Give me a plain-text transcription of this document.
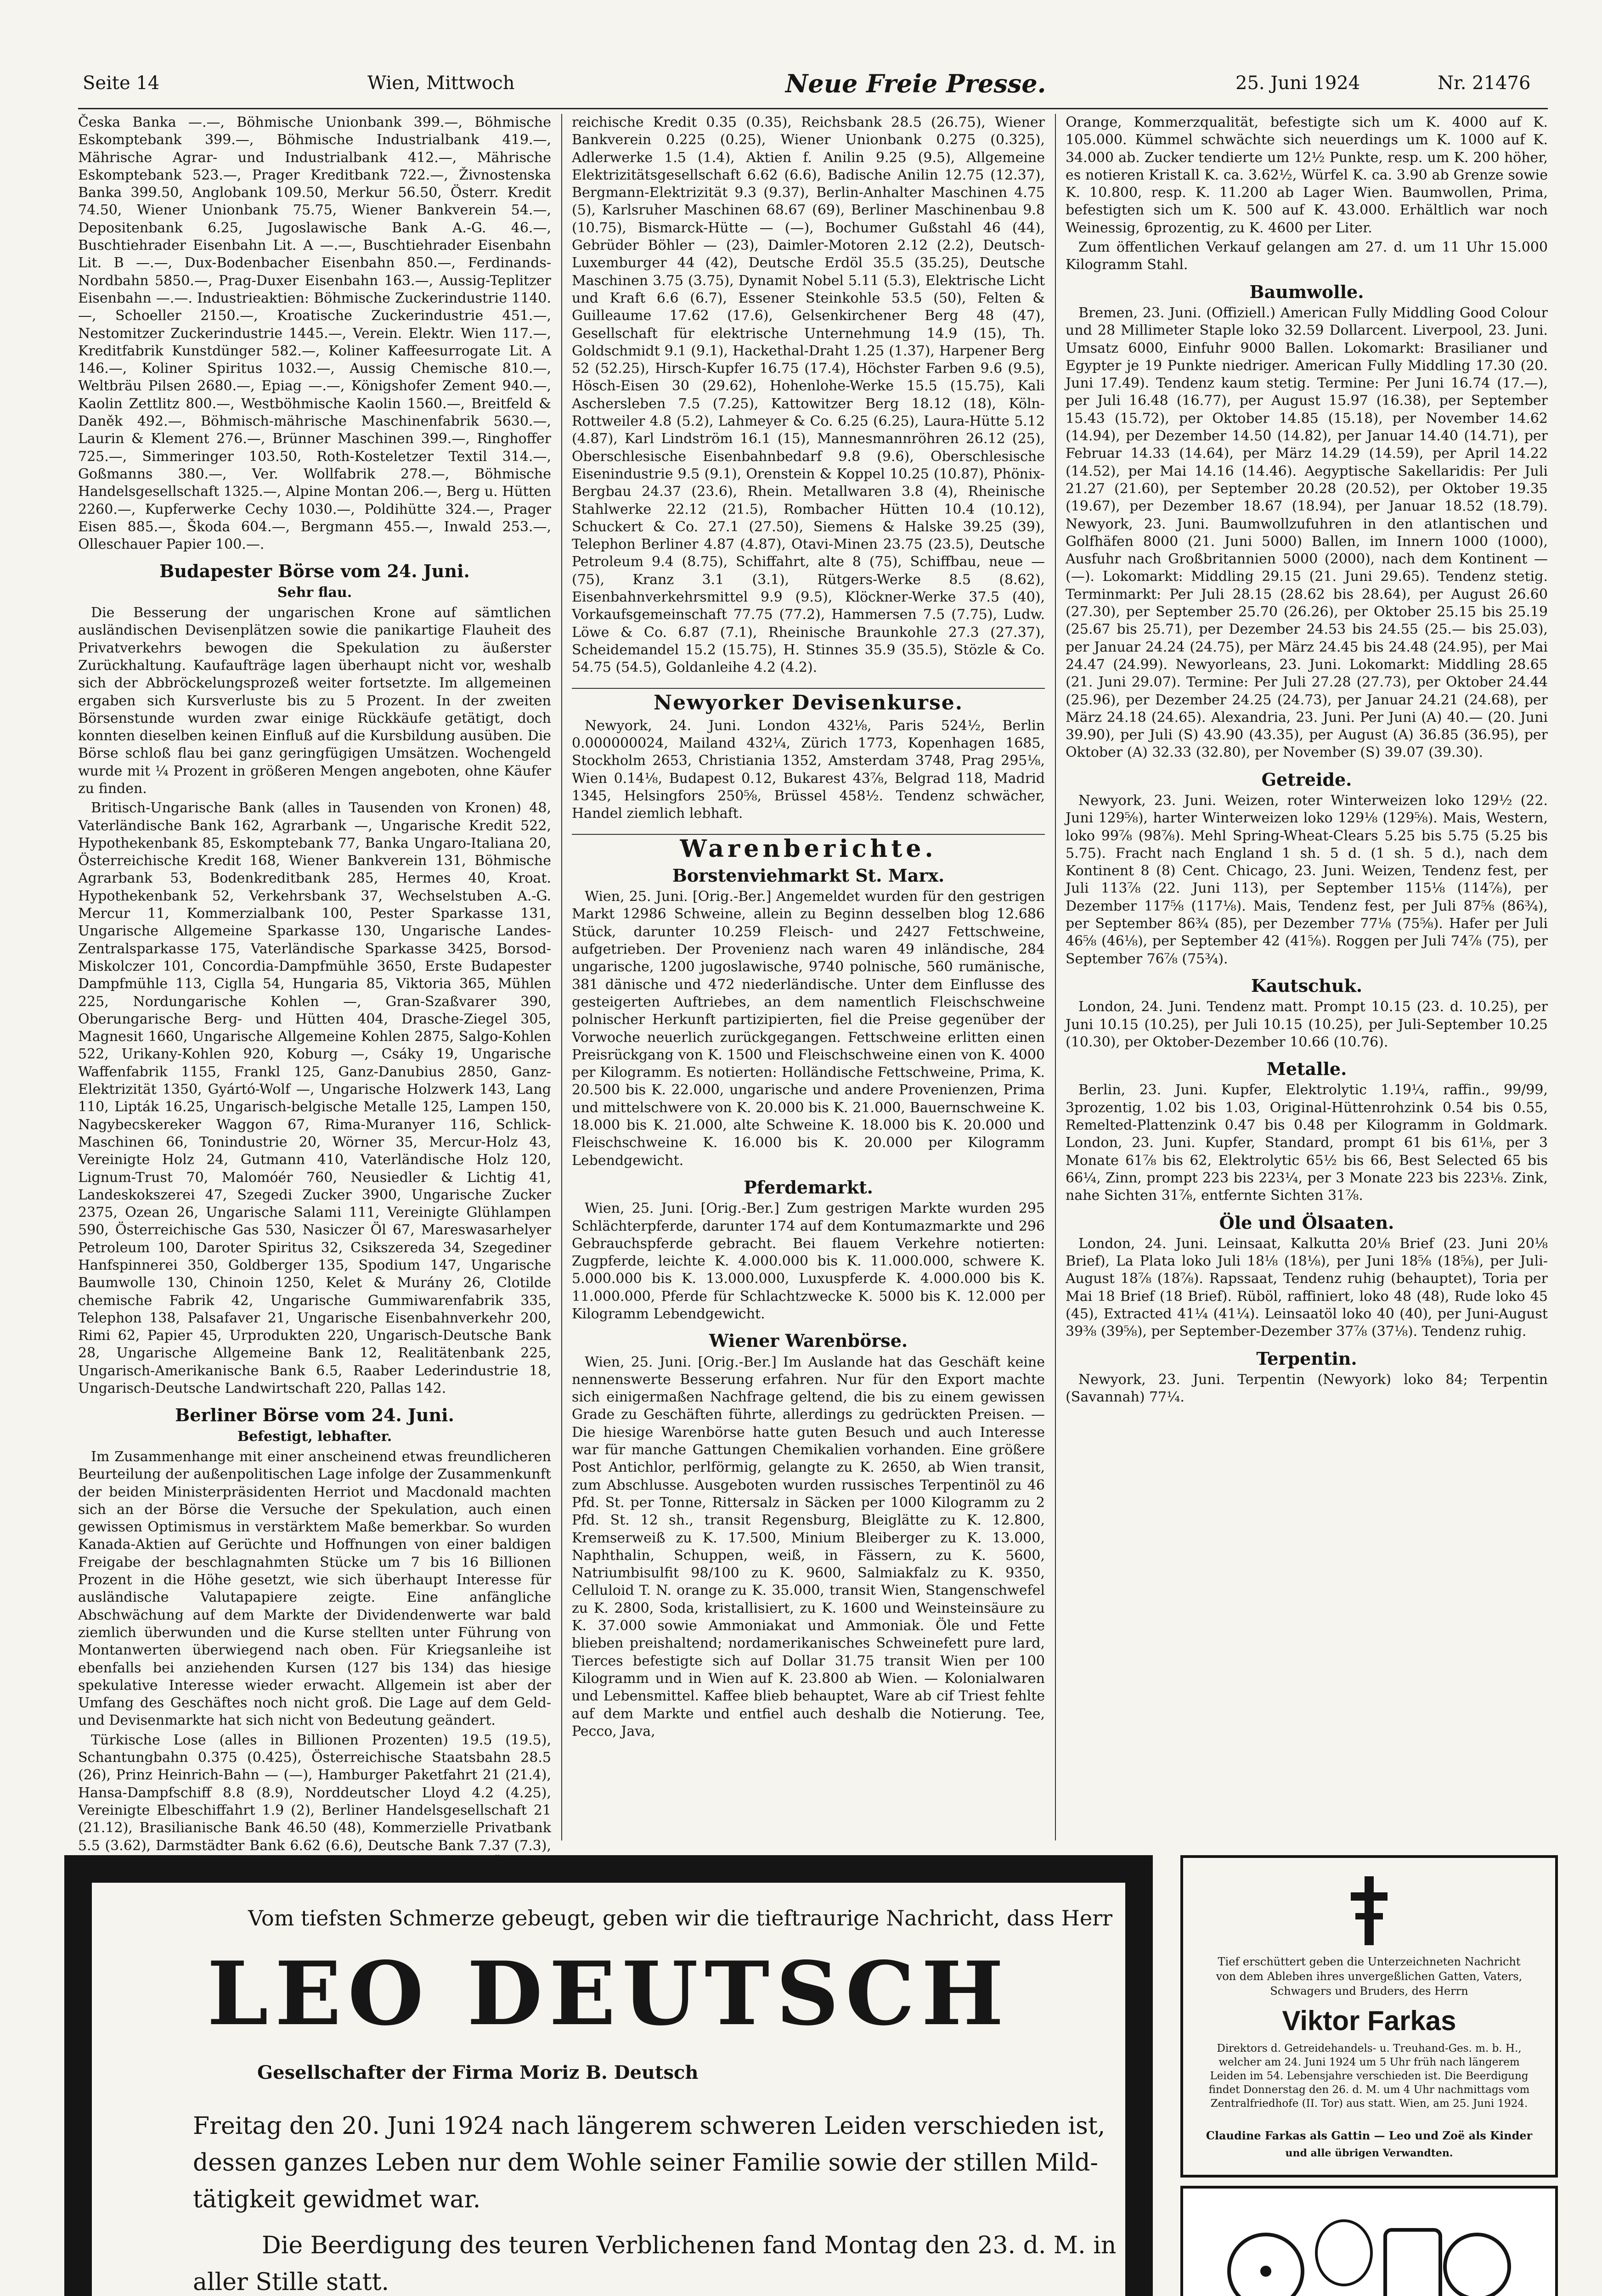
Seite 14	Wien, Mittwoch	Neue Freie Presse.	25. Juni 1924	Nr. 21476

Česka Banka —.—, Böhmische Unionbank 399.—, Böhmische Eskomptebank 399.—, Böhmische Industrialbank 419.—, Mährische Agrar- und Industrialbank 412.—, Mährische Eskomptebank 523.—, Prager Kreditbank 722.—, Živnostenska Banka 399.50, Anglobank 109.50, Merkur 56.50, Österr. Kredit 74.50, Wiener Unionbank 75.75, Wiener Bankverein 54.—, Depositenbank 6.25, Jugoslawische Bank A.-G. 46.—, Buschtiehrader Eisenbahn Lit. A —.—, Buschtiehrader Eisenbahn Lit. B —.—, Dux-Bodenbacher Eisenbahn 850.—, Ferdinands-Nordbahn 5850.—, Prag-Duxer Eisenbahn 163.—, Aussig-Teplitzer Eisenbahn —.—. Industrieaktien: Böhmische Zuckerindustrie 1140.—, Schoeller 2150.—, Kroatische Zuckerindustrie 451.—, Nestomitzer Zuckerindustrie 1445.—, Verein. Elektr. Wien 117.—, Kreditfabrik Kunstdünger 582.—, Koliner Kaffeesurrogate Lit. A 146.—, Koliner Spiritus 1032.—, Aussig Chemische 810.—, Weltbräu Pilsen 2680.—, Epiag —.—, Königshofer Zement 940.—, Kaolin Zettlitz 800.—, Westböhmische Kaolin 1560.—, Breitfeld & Daněk 492.—, Böhmisch-mährische Maschinenfabrik 5630.—, Laurin & Klement 276.—, Brünner Maschinen 399.—, Ringhoffer 725.—, Simmeringer 103.50, Roth-Kosteletzer Textil 314.—, Goßmanns 380.—, Ver. Wollfabrik 278.—, Böhmische Handelsgesellschaft 1325.—, Alpine Montan 206.—, Berg u. Hütten 2260.—, Kupferwerke Cechy 1030.—, Poldihütte 324.—, Prager Eisen 885.—, Škoda 604.—, Bergmann 455.—, Inwald 253.—, Olleschauer Papier 100.—.

Budapester Börse vom 24. Juni.
Sehr flau.

Die Besserung der ungarischen Krone auf sämtlichen ausländischen Devisenplätzen sowie die panikartige Flauheit des Privatverkehrs bewogen die Spekulation zu äußerster Zurückhaltung. Kaufaufträge lagen überhaupt nicht vor, weshalb sich der Abbröckelungsprozeß weiter fortsetzte. Im allgemeinen ergaben sich Kursverluste bis zu 5 Prozent. In der zweiten Börsenstunde wurden zwar einige Rückkäufe getätigt, doch konnten dieselben keinen Einfluß auf die Kursbildung ausüben. Die Börse schloß flau bei ganz geringfügigen Umsätzen. Wochengeld wurde mit ¼ Prozent in größeren Mengen angeboten, ohne Käufer zu finden.

Britisch-Ungarische Bank (alles in Tausenden von Kronen) 48, Vaterländische Bank 162, Agrarbank —, Ungarische Kredit 522, Hypothekenbank 85, Eskomptebank 77, Banka Ungaro-Italiana 20, Österreichische Kredit 168, Wiener Bankverein 131, Böhmische Agrarbank 53, Bodenkreditbank 285, Hermes 40, Kroat. Hypothekenbank 52, Verkehrsbank 37, Wechselstuben A.-G. Mercur 11, Kommerzialbank 100, Pester Sparkasse 131, Ungarische Allgemeine Sparkasse 130, Ungarische Landes-Zentralsparkasse 175, Vaterländische Sparkasse 3425, Borsod-Miskolczer 101, Concordia-Dampfmühle 3650, Erste Budapester Dampfmühle 113, Ciglla 54, Hungaria 85, Viktoria 365, Mühlen 225, Nordungarische Kohlen —, Gran-Szaßvarer 390, Oberungarische Berg- und Hütten 404, Drasche-Ziegel 305, Magnesit 1660, Ungarische Allgemeine Kohlen 2875, Salgo-Kohlen 522, Urikany-Kohlen 920, Koburg —, Csáky 19, Ungarische Waffenfabrik 1155, Frankl 125, Ganz-Danubius 2850, Ganz-Elektrizität 1350, Gyártó-Wolf —, Ungarische Holzwerk 143, Lang 110, Lipták 16.25, Ungarisch-belgische Metalle 125, Lampen 150, Nagybecskereker Waggon 67, Rima-Muranyer 116, Schlick-Maschinen 66, Tonindustrie 20, Wörner 35, Mercur-Holz 43, Vereinigte Holz 24, Gutmann 410, Vaterländische Holz 120, Lignum-Trust 70, Malomóér 760, Neusiedler & Lichtig 41, Landeskokszerei 47, Szegedi Zucker 3900, Ungarische Zucker 2375, Ozean 26, Ungarische Salami 111, Vereinigte Glühlampen 590, Österreichische Gas 530, Nasiczer Öl 67, Mareswasarhelyer Petroleum 100, Daroter Spiritus 32, Csikszereda 34, Szegediner Hanfspinnerei 350, Goldberger 135, Spodium 147, Ungarische Baumwolle 130, Chinoin 1250, Kelet & Murány 26, Clotilde chemische Fabrik 42, Ungarische Gummiwarenfabrik 335, Telephon 138, Palsafaver 21, Ungarische Eisenbahnverkehr 200, Rimi 62, Papier 45, Urprodukten 220, Ungarisch-Deutsche Bank 28, Ungarische Allgemeine Bank 12, Realitätenbank 225, Ungarisch-Amerikanische Bank 6.5, Raaber Lederindustrie 18, Ungarisch-Deutsche Landwirtschaft 220, Pallas 142.

Berliner Börse vom 24. Juni.
Befestigt, lebhafter.

Im Zusammenhange mit einer anscheinend etwas freundlicheren Beurteilung der außenpolitischen Lage infolge der Zusammenkunft der beiden Ministerpräsidenten Herriot und Macdonald machten sich an der Börse die Versuche der Spekulation, auch einen gewissen Optimismus in verstärktem Maße bemerkbar. So wurden Kanada-Aktien auf Gerüchte und Hoffnungen von einer baldigen Freigabe der beschlagnahmten Stücke um 7 bis 16 Billionen Prozent in die Höhe gesetzt, wie sich überhaupt Interesse für ausländische Valutapapiere zeigte. Eine anfängliche Abschwächung auf dem Markte der Dividendenwerte war bald ziemlich überwunden und die Kurse stellten unter Führung von Montanwerten überwiegend nach oben. Für Kriegsanleihe ist ebenfalls bei anziehenden Kursen (127 bis 134) das hiesige spekulative Interesse wieder erwacht. Allgemein ist aber der Umfang des Geschäftes noch nicht groß. Die Lage auf dem Geld- und Devisenmarkte hat sich nicht von Bedeutung geändert.

Türkische Lose (alles in Billionen Prozenten) 19.5 (19.5), Schantungbahn 0.375 (0.425), Österreichische Staatsbahn 28.5 (26), Prinz Heinrich-Bahn — (—), Hamburger Paketfahrt 21 (21.4), Hansa-Dampfschiff 8.8 (8.9), Norddeutscher Lloyd 4.2 (4.25), Vereinigte Elbeschiffahrt 1.9 (2), Berliner Handelsgesellschaft 21 (21.12), Brasilianische Bank 46.50 (48), Kommerzielle Privatbank 5.5 (3.62), Darmstädter Bank 6.62 (6.6), Deutsche Bank 7.37 (7.3),

reichische Kredit 0.35 (0.35), Reichsbank 28.5 (26.75), Wiener Bankverein 0.225 (0.25), Wiener Unionbank 0.275 (0.325), Adlerwerke 1.5 (1.4), Aktien f. Anilin 9.25 (9.5), Allgemeine Elektrizitätsgesellschaft 6.62 (6.6), Badische Anilin 12.75 (12.37), Bergmann-Elektrizität 9.3 (9.37), Berlin-Anhalter Maschinen 4.75 (5), Karlsruher Maschinen 68.67 (69), Berliner Maschinenbau 9.8 (10.75), Bismarck-Hütte — (—), Bochumer Gußstahl 46 (44), Gebrüder Böhler — (23), Daimler-Motoren 2.12 (2.2), Deutsch-Luxemburger 44 (42), Deutsche Erdöl 35.5 (35.25), Deutsche Maschinen 3.75 (3.75), Dynamit Nobel 5.11 (5.3), Elektrische Licht und Kraft 6.6 (6.7), Essener Steinkohle 53.5 (50), Felten & Guilleaume 17.62 (17.6), Gelsenkirchener Berg 48 (47), Gesellschaft für elektrische Unternehmung 14.9 (15), Th. Goldschmidt 9.1 (9.1), Hackethal-Draht 1.25 (1.37), Harpener Berg 52 (52.25), Hirsch-Kupfer 16.75 (17.4), Höchster Farben 9.6 (9.5), Hösch-Eisen 30 (29.62), Hohenlohe-Werke 15.5 (15.75), Kali Aschersleben 7.5 (7.25), Kattowitzer Berg 18.12 (18), Köln-Rottweiler 4.8 (5.2), Lahmeyer & Co. 6.25 (6.25), Laura-Hütte 5.12 (4.87), Karl Lindström 16.1 (15), Mannesmannröhren 26.12 (25), Oberschlesische Eisenbahnbedarf 9.8 (9.6), Oberschlesische Eisenindustrie 9.5 (9.1), Orenstein & Koppel 10.25 (10.87), Phönix-Bergbau 24.37 (23.6), Rhein. Metallwaren 3.8 (4), Rheinische Stahlwerke 22.12 (21.5), Rombacher Hütten 10.4 (10.12), Schuckert & Co. 27.1 (27.50), Siemens & Halske 39.25 (39), Telephon Berliner 4.87 (4.87), Otavi-Minen 23.75 (23.5), Deutsche Petroleum 9.4 (8.75), Schiffahrt, alte 8 (75), Schiffbau, neue — (75), Kranz 3.1 (3.1), Rütgers-Werke 8.5 (8.62), Eisenbahnverkehrsmittel 9.9 (9.5), Klöckner-Werke 37.5 (40), Vorkaufsgemeinschaft 77.75 (77.2), Hammersen 7.5 (7.75), Ludw. Löwe & Co. 6.87 (7.1), Rheinische Braunkohle 27.3 (27.37), Scheidemandel 15.2 (15.75), H. Stinnes 35.9 (35.5), Stözle & Co. 54.75 (54.5), Goldanleihe 4.2 (4.2).

Newyorker Devisenkurse.

Newyork, 24. Juni. London 432⅛, Paris 524½, Berlin 0.000000024, Mailand 432¼, Zürich 1773, Kopenhagen 1685, Stockholm 2653, Christiania 1352, Amsterdam 3748, Prag 295⅛, Wien 0.14⅛, Budapest 0.12, Bukarest 43⅞, Belgrad 118, Madrid 1345, Helsingfors 250⅝, Brüssel 458½. Tendenz schwächer, Handel ziemlich lebhaft.

Warenberichte.
Borstenviehmarkt St. Marx.

Wien, 25. Juni. [Orig.-Ber.] Angemeldet wurden für den gestrigen Markt 12986 Schweine, allein zu Beginn desselben blog 12.686 Stück, darunter 10.259 Fleisch- und 2427 Fettschweine, aufgetrieben. Der Provenienz nach waren 49 inländische, 284 ungarische, 1200 jugoslawische, 9740 polnische, 560 rumänische, 381 dänische und 472 niederländische. Unter dem Einflusse des gesteigerten Auftriebes, an dem namentlich Fleischschweine polnischer Herkunft partizipierten, fiel die Preise gegenüber der Vorwoche neuerlich zurückgegangen. Fettschweine erlitten einen Preisrückgang von K. 1500 und Fleischschweine einen von K. 4000 per Kilogramm. Es notierten: Holländische Fettschweine, Prima, K. 20.500 bis K. 22.000, ungarische und andere Provenienzen, Prima und mittelschwere von K. 20.000 bis K. 21.000, Bauernschweine K. 18.000 bis K. 21.000, alte Schweine K. 18.000 bis K. 20.000 und Fleischschweine K. 16.000 bis K. 20.000 per Kilogramm Lebendgewicht.

Pferdemarkt.

Wien, 25. Juni. [Orig.-Ber.] Zum gestrigen Markte wurden 295 Schlächterpferde, darunter 174 auf dem Kontumazmarkte und 296 Gebrauchspferde gebracht. Bei flauem Verkehre notierten: Zugpferde, leichte K. 4.000.000 bis K. 11.000.000, schwere K. 5.000.000 bis K. 13.000.000, Luxuspferde K. 4.000.000 bis K. 11.000.000, Pferde für Schlachtzwecke K. 5000 bis K. 12.000 per Kilogramm Lebendgewicht.

Wiener Warenbörse.

Wien, 25. Juni. [Orig.-Ber.] Im Auslande hat das Geschäft keine nennenswerte Besserung erfahren. Nur für den Export machte sich einigermaßen Nachfrage geltend, die bis zu einem gewissen Grade zu Geschäften führte, allerdings zu gedrückten Preisen. — Die hiesige Warenbörse hatte guten Besuch und auch Interesse war für manche Gattungen Chemikalien vorhanden. Eine größere Post Antichlor, perlförmig, gelangte zu K. 2650, ab Wien transit, zum Abschlusse. Ausgeboten wurden russisches Terpentinöl zu 46 Pfd. St. per Tonne, Rittersalz in Säcken per 1000 Kilogramm zu 2 Pfd. St. 12 sh., transit Regensburg, Bleiglätte zu K. 12.800, Kremserweiß zu K. 17.500, Minium Bleiberger zu K. 13.000, Naphthalin, Schuppen, weiß, in Fässern, zu K. 5600, Natriumbisulfit 98/100 zu K. 9600, Salmiakfalz zu K. 9350, Celluloid T. N. orange zu K. 35.000, transit Wien, Stangenschwefel zu K. 2800, Soda, kristallisiert, zu K. 1600 und Weinsteinsäure zu K. 37.000 sowie Ammoniakat und Ammoniak. Öle und Fette blieben preishaltend; nordamerikanisches Schweinefett pure lard, Tierces befestigte sich auf Dollar 31.75 transit Wien per 100 Kilogramm und in Wien auf K. 23.800 ab Wien. — Kolonialwaren und Lebensmittel. Kaffee blieb behauptet, Ware ab cif Triest fehlte auf dem Markte und entfiel auch deshalb die Notierung. Tee, Pecco, Java,

Orange, Kommerzqualität, befestigte sich um K. 4000 auf K. 105.000. Kümmel schwächte sich neuerdings um K. 1000 auf K. 34.000 ab. Zucker tendierte um 12½ Punkte, resp. um K. 200 höher, es notieren Kristall K. ca. 3.62½, Würfel K. ca. 3.90 ab Grenze sowie K. 10.800, resp. K. 11.200 ab Lager Wien. Baumwollen, Prima, befestigten sich um K. 500 auf K. 43.000. Erhältlich war noch Weinessig, 6prozentig, zu K. 4600 per Liter.

Zum öffentlichen Verkauf gelangen am 27. d. um 11 Uhr 15.000 Kilogramm Stahl.

Baumwolle.

Bremen, 23. Juni. (Offiziell.) American Fully Middling Good Colour und 28 Millimeter Staple loko 32.59 Dollarcent. Liverpool, 23. Juni. Umsatz 6000, Einfuhr 9000 Ballen. Lokomarkt: Brasilianer und Egypter je 19 Punkte niedriger. American Fully Middling 17.30 (20. Juni 17.49). Tendenz kaum stetig. Termine: Per Juni 16.74 (17.—), per Juli 16.48 (16.77), per August 15.97 (16.38), per September 15.43 (15.72), per Oktober 14.85 (15.18), per November 14.62 (14.94), per Dezember 14.50 (14.82), per Januar 14.40 (14.71), per Februar 14.33 (14.64), per März 14.29 (14.59), per April 14.22 (14.52), per Mai 14.16 (14.46). Aegyptische Sakellaridis: Per Juli 21.27 (21.60), per September 20.28 (20.52), per Oktober 19.35 (19.67), per Dezember 18.67 (18.94), per Januar 18.52 (18.79). Newyork, 23. Juni. Baumwollzufuhren in den atlantischen und Golfhäfen 8000 (21. Juni 5000) Ballen, im Innern 1000 (1000), Ausfuhr nach Großbritannien 5000 (2000), nach dem Kontinent — (—). Lokomarkt: Middling 29.15 (21. Juni 29.65). Tendenz stetig. Terminmarkt: Per Juli 28.15 (28.62 bis 28.64), per August 26.60 (27.30), per September 25.70 (26.26), per Oktober 25.15 bis 25.19 (25.67 bis 25.71), per Dezember 24.53 bis 24.55 (25.— bis 25.03), per Januar 24.24 (24.75), per März 24.45 bis 24.48 (24.95), per Mai 24.47 (24.99). Newyorleans, 23. Juni. Lokomarkt: Middling 28.65 (21. Juni 29.07). Termine: Per Juli 27.28 (27.73), per Oktober 24.44 (25.96), per Dezember 24.25 (24.73), per Januar 24.21 (24.68), per März 24.18 (24.65). Alexandria, 23. Juni. Per Juni (A) 40.— (20. Juni 39.90), per Juli (S) 43.90 (43.35), per August (A) 36.85 (36.95), per Oktober (A) 32.33 (32.80), per November (S) 39.07 (39.30).

Getreide.

Newyork, 23. Juni. Weizen, roter Winterweizen loko 129½ (22. Juni 129⅝), harter Winterweizen loko 129⅛ (129⅝). Mais, Western, loko 99⅞ (98⅞). Mehl Spring-Wheat-Clears 5.25 bis 5.75 (5.25 bis 5.75). Fracht nach England 1 sh. 5 d. (1 sh. 5 d.), nach dem Kontinent 8 (8) Cent. Chicago, 23. Juni. Weizen, Tendenz fest, per Juli 113⅞ (22. Juni 113), per September 115⅛ (114⅞), per Dezember 117⅝ (117⅛). Mais, Tendenz fest, per Juli 87⅝ (86¾), per September 86¾ (85), per Dezember 77⅛ (75⅝). Hafer per Juli 46⅝ (46⅛), per September 42 (41⅝). Roggen per Juli 74⅞ (75), per September 76⅞ (75¾).

Kautschuk.

London, 24. Juni. Tendenz matt. Prompt 10.15 (23. d. 10.25), per Juni 10.15 (10.25), per Juli 10.15 (10.25), per Juli-September 10.25 (10.30), per Oktober-Dezember 10.66 (10.76).

Metalle.

Berlin, 23. Juni. Kupfer, Elektrolytic 1.19¼, raffin., 99/99, 3prozentig, 1.02 bis 1.03, Original-Hüttenrohzink 0.54 bis 0.55, Remelted-Plattenzink 0.47 bis 0.48 per Kilogramm in Goldmark. London, 23. Juni. Kupfer, Standard, prompt 61 bis 61⅛, per 3 Monate 61⅞ bis 62, Elektrolytic 65½ bis 66, Best Selected 65 bis 66¼, Zinn, prompt 223 bis 223¼, per 3 Monate 223 bis 223⅛. Zink, nahe Sichten 31⅞, entfernte Sichten 31⅞.

Öle und Ölsaaten.

London, 24. Juni. Leinsaat, Kalkutta 20⅛ Brief (23. Juni 20⅛ Brief), La Plata loko Juli 18⅛ (18⅛), per Juni 18⅝ (18⅝), per Juli-August 18⅞ (18⅞). Rapssaat, Tendenz ruhig (behauptet), Toria per Mai 18 Brief (18 Brief). Rüböl, raffiniert, loko 48 (48), Rude loko 45 (45), Extracted 41¼ (41¼). Leinsaatöl loko 40 (40), per Juni-August 39⅜ (39⅝), per September-Dezember 37⅞ (37⅛). Tendenz ruhig.

Terpentin.

Newyork, 23. Juni. Terpentin (Newyork) loko 84; Terpentin (Savannah) 77¼.

Vom tiefsten Schmerze gebeugt, geben wir die tieftraurige Nachricht, dass Herr
LEO DEUTSCH
Gesellschafter der Firma Moriz B. Deutsch
Freitag den 20. Juni 1924 nach längerem schweren Leiden verschieden ist,
dessen ganzes Leben nur dem Wohle seiner Familie sowie der stillen Mild-
tätigkeit gewidmet war.
Die Beerdigung des teuren Verblichenen fand Montag den 23. d. M. in
aller Stille statt.
Tief erschüttert geben die Unterzeichneten Nachricht von dem Ableben ihres unvergeßlichen Gatten, Vaters, Schwagers und Bruders, des Herrn
Viktor Farkas
Direktors d. Getreidehandels- u. Treuhand-Ges. m. b. H., welcher am 24. Juni 1924 um 5 Uhr früh nach längerem Leiden im 54. Lebensjahre verschieden ist. Die Beerdigung findet Donnerstag den 26. d. M. um 4 Uhr nachmittags vom Zentralfriedhofe (II. Tor) aus statt. Wien, am 25. Juni 1924.
Claudine Farkas als Gattin — Leo und Zoë als Kinder
und alle übrigen Verwandten.
